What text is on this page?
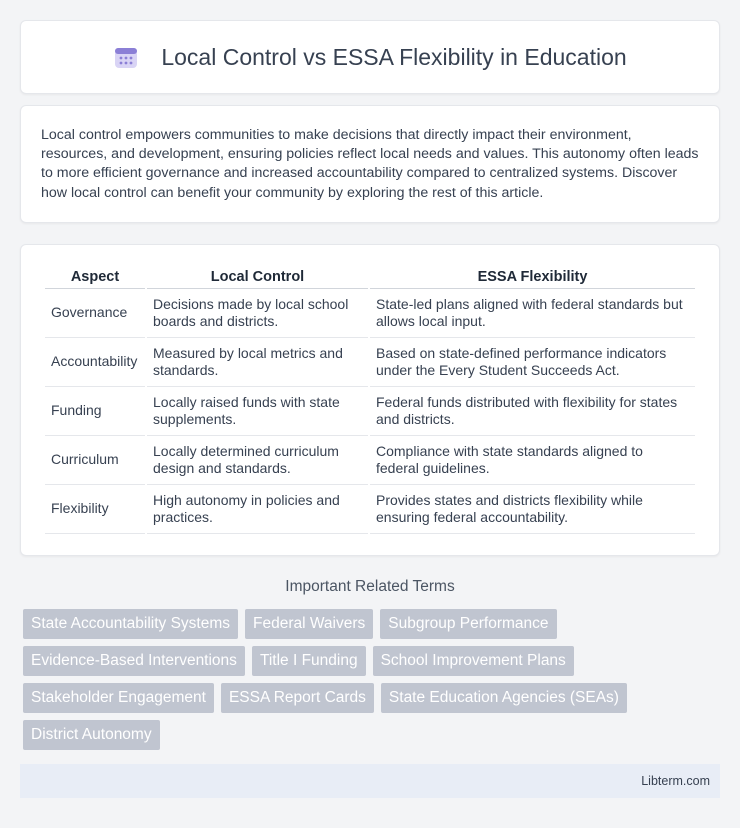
Local Control vs ESSA Flexibility in Education

Local control empowers communities to make decisions that directly impact their environment, resources, and development, ensuring policies reflect local needs and values. This autonomy often leads to more efficient governance and increased accountability compared to centralized systems. Discover how local control can benefit your community by exploring the rest of this article.

Aspect	Local Control	ESSA Flexibility
Governance	Decisions made by local school boards and districts.	State-led plans aligned with federal standards but allows local input.
Accountability	Measured by local metrics and standards.	Based on state-defined performance indicators under the Every Student Succeeds Act.
Funding	Locally raised funds with state supplements.	Federal funds distributed with flexibility for states and districts.
Curriculum	Locally determined curriculum design and standards.	Compliance with state standards aligned to federal guidelines.
Flexibility	High autonomy in policies and practices.	Provides states and districts flexibility while ensuring federal accountability.
Important Related Terms
State Accountability Systems	Federal Waivers	Subgroup Performance
Evidence-Based Interventions	Title I Funding	School Improvement Plans
Stakeholder Engagement	ESSA Report Cards	State Education Agencies (SEAs)
District Autonomy
Libterm.com
